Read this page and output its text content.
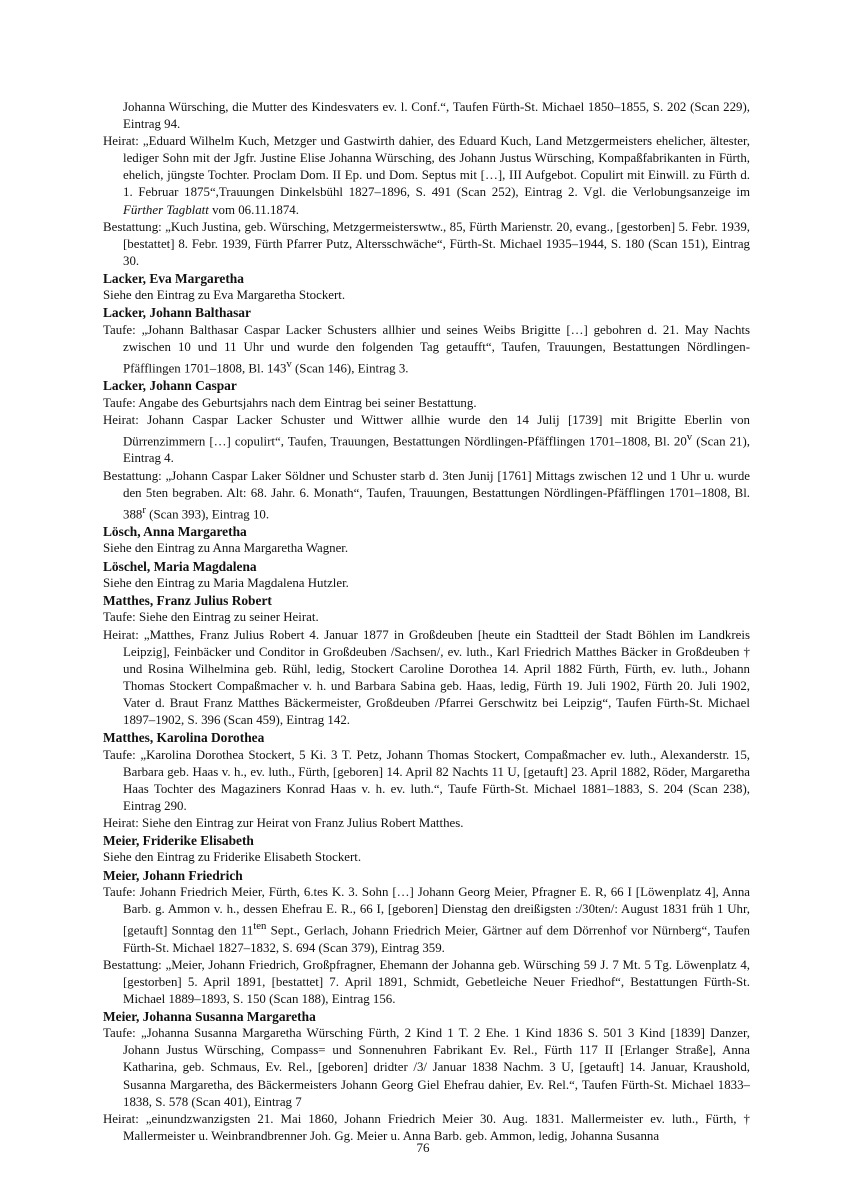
Johanna Würsching, die Mutter des Kindesvaters ev. l. Conf.“, Taufen Fürth-St. Michael 1850–1855, S. 202 (Scan 229), Eintrag 94.

Heirat: „Eduard Wilhelm Kuch, Metzger und Gastwirth dahier, des Eduard Kuch, Land Metzgermeisters ehelicher, ältester, lediger Sohn mit der Jgfr. Justine Elise Johanna Würsching, des Johann Justus Würsching, Kompaßfabrikanten in Fürth, ehelich, jüngste Tochter. Proclam Dom. II Ep. und Dom. Septus mit […], III Aufgebot. Copulirt mit Einwill. zu Fürth d. 1. Februar 1875“,Trauungen Dinkelsbühl 1827–1896, S. 491 (Scan 252), Eintrag 2. Vgl. die Verlobungsanzeige im Fürther Tagblatt vom 06.11.1874.

Bestattung: „Kuch Justina, geb. Würsching, Metzgermeisterswtw., 85, Fürth Marienstr. 20, evang., [gestorben] 5. Febr. 1939, [bestattet] 8. Febr. 1939, Fürth Pfarrer Putz, Altersschwäche“, Fürth-St. Michael 1935–1944, S. 180 (Scan 151), Eintrag 30.

Lacker, Eva Margaretha

Siehe den Eintrag zu Eva Margaretha Stockert.

Lacker, Johann Balthasar

Taufe: „Johann Balthasar Caspar Lacker Schusters allhier und seines Weibs Brigitte […] gebohren d. 21. May Nachts zwischen 10 und 11 Uhr und wurde den folgenden Tag getaufft“, Taufen, Trauungen, Bestattungen Nördlingen-Pfäfflingen 1701–1808, Bl. 143$^v$ (Scan 146), Eintrag 3.

Lacker, Johann Caspar

Taufe: Angabe des Geburtsjahrs nach dem Eintrag bei seiner Bestattung.

Heirat: Johann Caspar Lacker Schuster und Wittwer allhie wurde den 14 Julij [1739] mit Brigitte Eberlin von Dürrenzimmern […] copulirt“, Taufen, Trauungen, Bestattungen Nördlingen-Pfäfflingen 1701–1808, Bl. 20$^v$ (Scan 21), Eintrag 4.

Bestattung: „Johann Caspar Laker Söldner und Schuster starb d. 3ten Junij [1761] Mittags zwischen 12 und 1 Uhr u. wurde den 5ten begraben. Alt: 68. Jahr. 6. Monath“, Taufen, Trauungen, Bestattungen Nördlingen-Pfäfflingen 1701–1808, Bl. 388$^r$ (Scan 393), Eintrag 10.

Lösch, Anna Margaretha

Siehe den Eintrag zu Anna Margaretha Wagner.

Löschel, Maria Magdalena

Siehe den Eintrag zu Maria Magdalena Hutzler.

Matthes, Franz Julius Robert

Taufe: Siehe den Eintrag zu seiner Heirat.

Heirat: „Matthes, Franz Julius Robert 4. Januar 1877 in Großdeuben [heute ein Stadtteil der Stadt Böhlen im Landkreis Leipzig], Feinbäcker und Conditor in Großdeuben /Sachsen/, ev. luth., Karl Friedrich Matthes Bäcker in Großdeuben † und Rosina Wilhelmina geb. Rühl, ledig, Stockert Caroline Dorothea 14. April 1882 Fürth, Fürth, ev. luth., Johann Thomas Stockert Compaßmacher v. h. und Barbara Sabina geb. Haas, ledig, Fürth 19. Juli 1902, Fürth 20. Juli 1902, Vater d. Braut Franz Matthes Bäckermeister, Großdeuben /Pfarrei Gerschwitz bei Leipzig“, Taufen Fürth-St. Michael 1897–1902, S. 396 (Scan 459), Eintrag 142.

Matthes, Karolina Dorothea

Taufe: „Karolina Dorothea Stockert, 5 Ki. 3 T. Petz, Johann Thomas Stockert, Compaßmacher ev. luth., Alexanderstr. 15, Barbara geb. Haas v. h., ev. luth., Fürth, [geboren] 14. April 82 Nachts 11 U, [getauft] 23. April 1882, Röder, Margaretha Haas Tochter des Magaziners Konrad Haas v. h. ev. luth.“, Taufe Fürth-St. Michael 1881–1883, S. 204 (Scan 238), Eintrag 290.

Heirat: Siehe den Eintrag zur Heirat von Franz Julius Robert Matthes.

Meier, Friderike Elisabeth

Siehe den Eintrag zu Friderike Elisabeth Stockert.

Meier, Johann Friedrich

Taufe: Johann Friedrich Meier, Fürth, 6.tes K. 3. Sohn […] Johann Georg Meier, Pfragner E. R, 66 I [Löwenplatz 4], Anna Barb. g. Ammon v. h., dessen Ehefrau E. R., 66 I, [geboren] Dienstag den dreißigsten :/30ten/: August 1831 früh 1 Uhr, [getauft] Sonntag den $11^{ten}$ Sept., Gerlach, Johann Friedrich Meier, Gärtner auf dem Dörrenhof vor Nürnberg“, Taufen Fürth-St. Michael 1827–1832, S. 694 (Scan 379), Eintrag 359.

Bestattung: „Meier, Johann Friedrich, Großpfragner, Ehemann der Johanna geb. Würsching 59 J. 7 Mt. 5 Tg. Löwenplatz 4, [gestorben] 5. April 1891, [bestattet] 7. April 1891, Schmidt, Gebetleiche Neuer Friedhof“, Bestattungen Fürth-St. Michael 1889–1893, S. 150 (Scan 188), Eintrag 156.

Meier, Johanna Susanna Margaretha

Taufe: „Johanna Susanna Margaretha Würsching Fürth, 2 Kind 1 T. 2 Ehe. 1 Kind 1836 S. 501 3 Kind [1839] Danzer, Johann Justus Würsching, Compass= und Sonnenuhren Fabrikant Ev. Rel., Fürth 117 II [Erlanger Straße], Anna Katharina, geb. Schmaus, Ev. Rel., [geboren] dridter /3/ Januar 1838 Nachm. 3 U, [getauft] 14. Januar, Kraushold, Susanna Margaretha, des Bäckermeisters Johann Georg Giel Ehefrau dahier, Ev. Rel.“, Taufen Fürth-St. Michael 1833–1838, S. 578 (Scan 401), Eintrag 7

Heirat: „einundzwanzigsten 21. Mai 1860, Johann Friedrich Meier 30. Aug. 1831. Mallermeister ev. luth., Fürth, † Mallermeister u. Weinbrandbrenner Joh. Gg. Meier u. Anna Barb. geb. Ammon, ledig, Johanna Susanna

76
